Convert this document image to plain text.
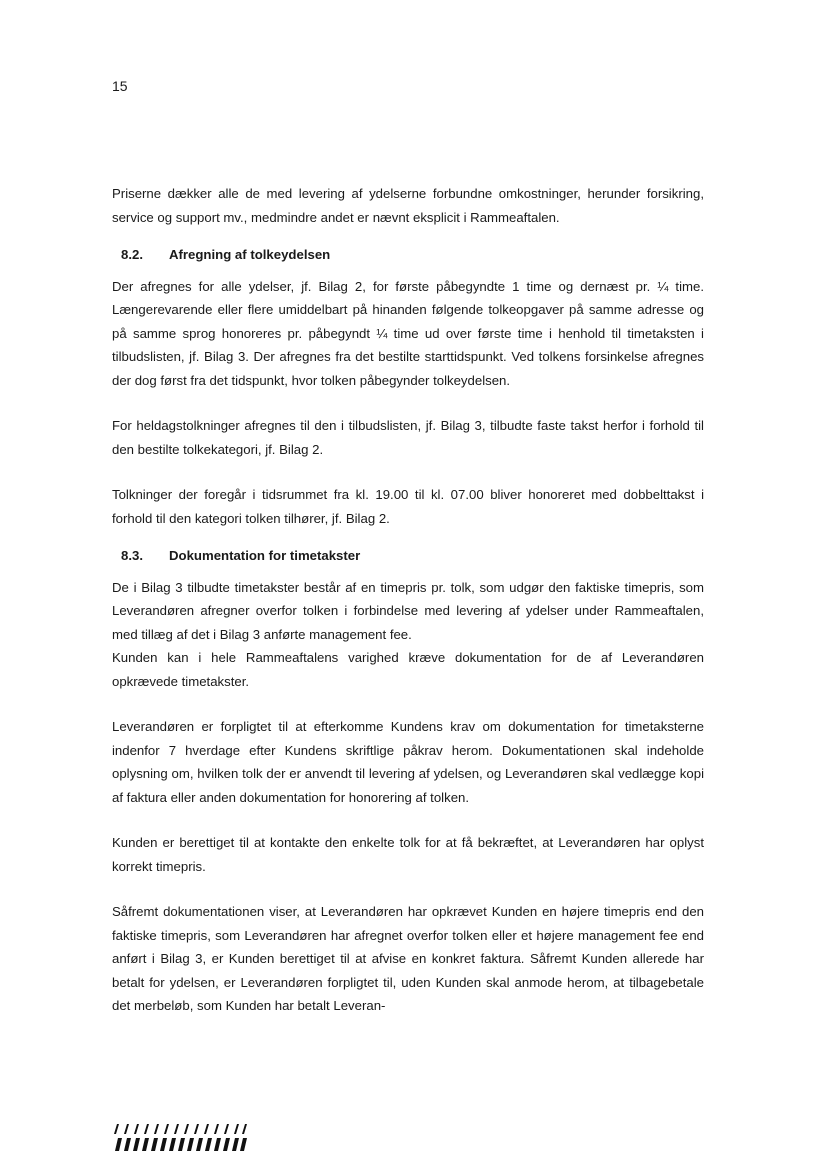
15

Priserne dækker alle de med levering af ydelserne forbundne omkostninger, herunder forsikring, service og support mv., medmindre andet er nævnt eksplicit i Rammeaftalen.

8.2.	Afregning af tolkeydelsen

Der afregnes for alle ydelser, jf. Bilag 2, for første påbegyndte 1 time og dernæst pr. ¼ time. Længerevarende eller flere umiddelbart på hinanden følgende tolkeopgaver på samme adresse og på samme sprog honoreres pr. påbegyndt ¼ time ud over første time i henhold til timetaksten i tilbudslisten, jf. Bilag 3. Der afregnes fra det bestilte starttidspunkt. Ved tolkens forsinkelse afregnes der dog først fra det tidspunkt, hvor tolken påbegynder tolkeydelsen.

For heldagstolkninger afregnes til den i tilbudslisten, jf. Bilag 3, tilbudte faste takst herfor i forhold til den bestilte tolkekategori, jf. Bilag 2.

Tolkninger der foregår i tidsrummet fra kl. 19.00 til kl. 07.00 bliver honoreret med dobbelttakst i forhold til den kategori tolken tilhører, jf. Bilag 2.

8.3.	Dokumentation for timetakster

De i Bilag 3 tilbudte timetakster består af en timepris pr. tolk, som udgør den faktiske timepris, som Leverandøren afregner overfor tolken i forbindelse med levering af ydelser under Rammeaftalen, med tillæg af det i Bilag 3 anførte management fee.

Kunden kan i hele Rammeaftalens varighed kræve dokumentation for de af Leverandøren opkrævede timetakster.

Leverandøren er forpligtet til at efterkomme Kundens krav om dokumentation for timetaksterne indenfor 7 hverdage efter Kundens skriftlige påkrav herom. Dokumentationen skal indeholde oplysning om, hvilken tolk der er anvendt til levering af ydelsen, og Leverandøren skal vedlægge kopi af faktura eller anden dokumentation for honorering af tolken.

Kunden er berettiget til at kontakte den enkelte tolk for at få bekræftet, at Leverandøren har oplyst korrekt timepris.

Såfremt dokumentationen viser, at Leverandøren har opkrævet Kunden en højere timepris end den faktiske timepris, som Leverandøren har afregnet overfor tolken eller et højere management fee end anført i Bilag 3, er Kunden berettiget til at afvise en konkret faktura. Såfremt Kunden allerede har betalt for ydelsen, er Leverandøren forpligtet til, uden Kunden skal anmode herom, at tilbagebetale det merbeløb, som Kunden har betalt Leveran-
